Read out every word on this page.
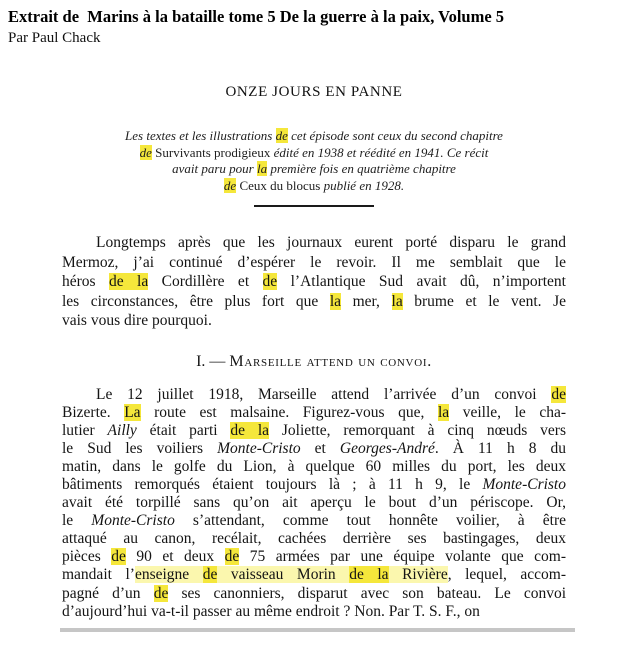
Extrait de  Marins à la bataille tome 5 De la guerre à la paix, Volume 5
Par Paul Chack
ONZE JOURS EN PANNE
Les textes et les illustrations de cet épisode sont ceux du second chapitre
de Survivants prodigieux édité en 1938 et réédité en 1941. Ce récit
avait paru pour la première fois en quatrième chapitre
de Ceux du blocus publié en 1928.
Longtemps après que les journaux eurent porté disparu le grand
Mermoz, j’ai continué d’espérer le revoir. Il me semblait que le
héros de la Cordillère et de l’Atlantique Sud avait dû, n’importent
les circonstances, être plus fort que la mer, la brume et le vent. Je
vais vous dire pourquoi.
I. — Marseille attend un convoi.
Le 12 juillet 1918, Marseille attend l’arrivée d’un convoi de
Bizerte. La route est malsaine. Figurez-vous que, la veille, le cha-
lutier Ailly était parti de la Joliette, remorquant à cinq nœuds vers
le Sud les voiliers Monte-Cristo et Georges-André. À 11 h 8 du
matin, dans le golfe du Lion, à quelque 60 milles du port, les deux
bâtiments remorqués étaient toujours là ; à 11 h 9, le Monte-Cristo
avait été torpillé sans qu’on ait aperçu le bout d’un périscope. Or,
le Monte-Cristo s’attendant, comme tout honnête voilier, à être
attaqué au canon, recélait, cachées derrière ses bastingages, deux
pièces de 90 et deux de 75 armées par une équipe volante que com-
mandait l’enseigne de vaisseau Morin de la Rivière, lequel, accom-
pagné d’un de ses canonniers, disparut avec son bateau. Le convoi
d’aujourd’hui va-t-il passer au même endroit ? Non. Par T. S. F., on
